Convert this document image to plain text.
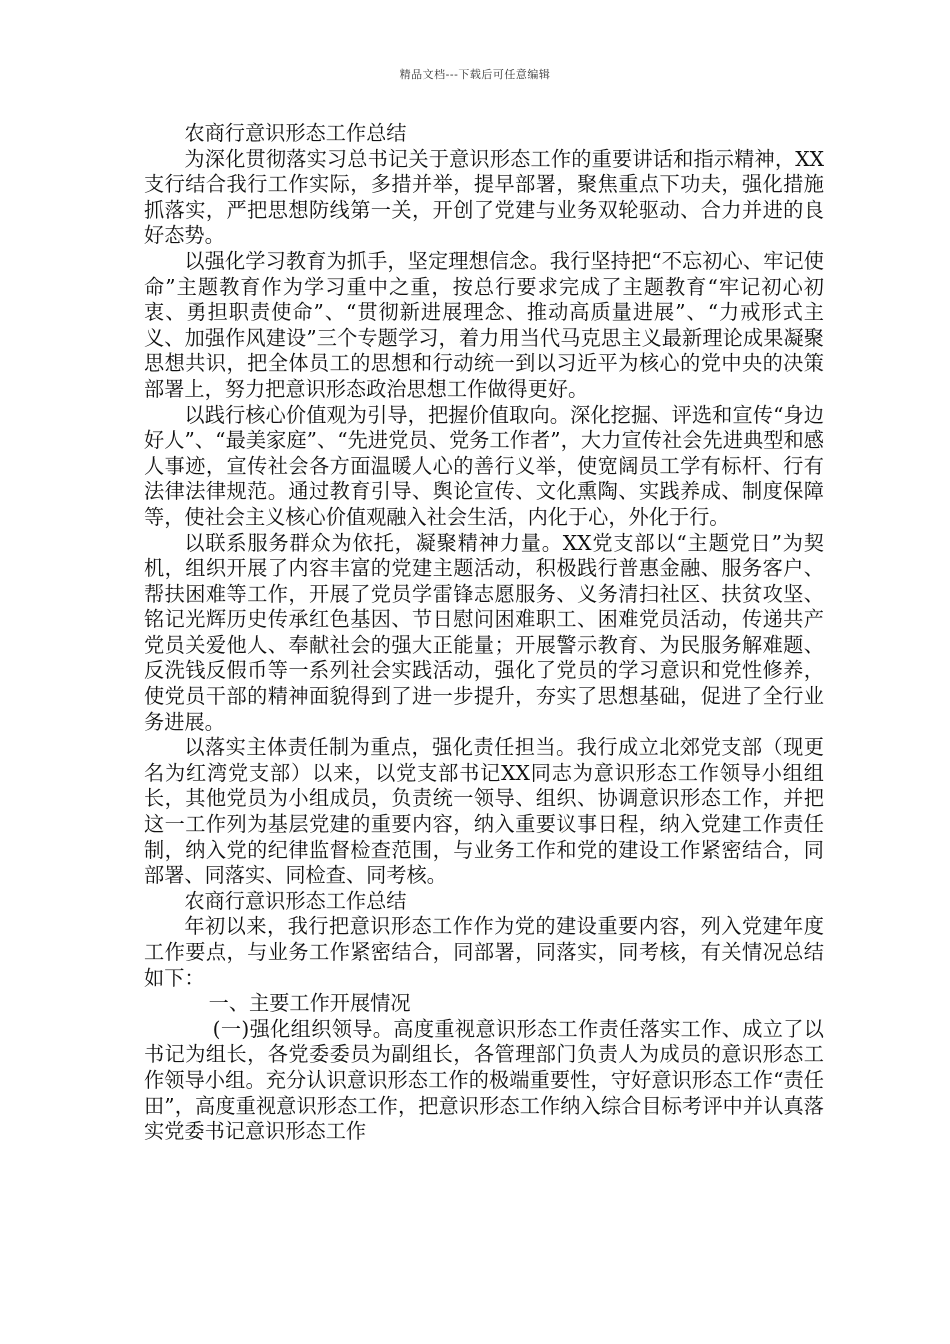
精品文档---下载后可任意编辑

农商行意识形态工作总结

为深化贯彻落实习总书记关于意识形态工作的重要讲话和指示精神，XX支行结合我行工作实际，多措并举，提早部署，聚焦重点下功夫，强化措施抓落实，严把思想防线第一关，开创了党建与业务双轮驱动、合力并进的良好态势。

以强化学习教育为抓手，坚定理想信念。我行坚持把“不忘初心、牢记使命”主题教育作为学习重中之重，按总行要求完成了主题教育“牢记初心初衷、勇担职责使命”、“贯彻新进展理念、推动高质量进展”、“力戒形式主义、加强作风建设”三个专题学习，着力用当代马克思主义最新理论成果凝聚思想共识，把全体员工的思想和行动统一到以习近平为核心的党中央的决策部署上，努力把意识形态政治思想工作做得更好。

以践行核心价值观为引导，把握价值取向。深化挖掘、评选和宣传“身边好人”、“最美家庭”、“先进党员、党务工作者”，大力宣传社会先进典型和感人事迹，宣传社会各方面温暖人心的善行义举，使宽阔员工学有标杆、行有法律法律规范。通过教育引导、舆论宣传、文化熏陶、实践养成、制度保障等，使社会主义核心价值观融入社会生活，内化于心，外化于行。

以联系服务群众为依托，凝聚精神力量。XX党支部以“主题党日”为契机，组织开展了内容丰富的党建主题活动，积极践行普惠金融、服务客户、帮扶困难等工作，开展了党员学雷锋志愿服务、义务清扫社区、扶贫攻坚、铭记光辉历史传承红色基因、节日慰问困难职工、困难党员活动，传递共产党员关爱他人、奉献社会的强大正能量；开展警示教育、为民服务解难题、反洗钱反假币等一系列社会实践活动，强化了党员的学习意识和党性修养，使党员干部的精神面貌得到了进一步提升，夯实了思想基础，促进了全行业务进展。

以落实主体责任制为重点，强化责任担当。我行成立北郊党支部（现更名为红湾党支部）以来，以党支部书记XX同志为意识形态工作领导小组组长，其他党员为小组成员，负责统一领导、组织、协调意识形态工作，并把这一工作列为基层党建的重要内容，纳入重要议事日程，纳入党建工作责任制，纳入党的纪律监督检查范围，与业务工作和党的建设工作紧密结合，同部署、同落实、同检查、同考核。

农商行意识形态工作总结

年初以来，我行把意识形态工作作为党的建设重要内容，列入党建年度工作要点，与业务工作紧密结合，同部署，同落实，同考核，有关情况总结如下：

一、主要工作开展情况

(一)强化组织领导。高度重视意识形态工作责任落实工作、成立了以书记为组长，各党委委员为副组长，各管理部门负责人为成员的意识形态工作领导小组。充分认识意识形态工作的极端重要性，守好意识形态工作“责任田”，高度重视意识形态工作，把意识形态工作纳入综合目标考评中并认真落实党委书记意识形态工作
